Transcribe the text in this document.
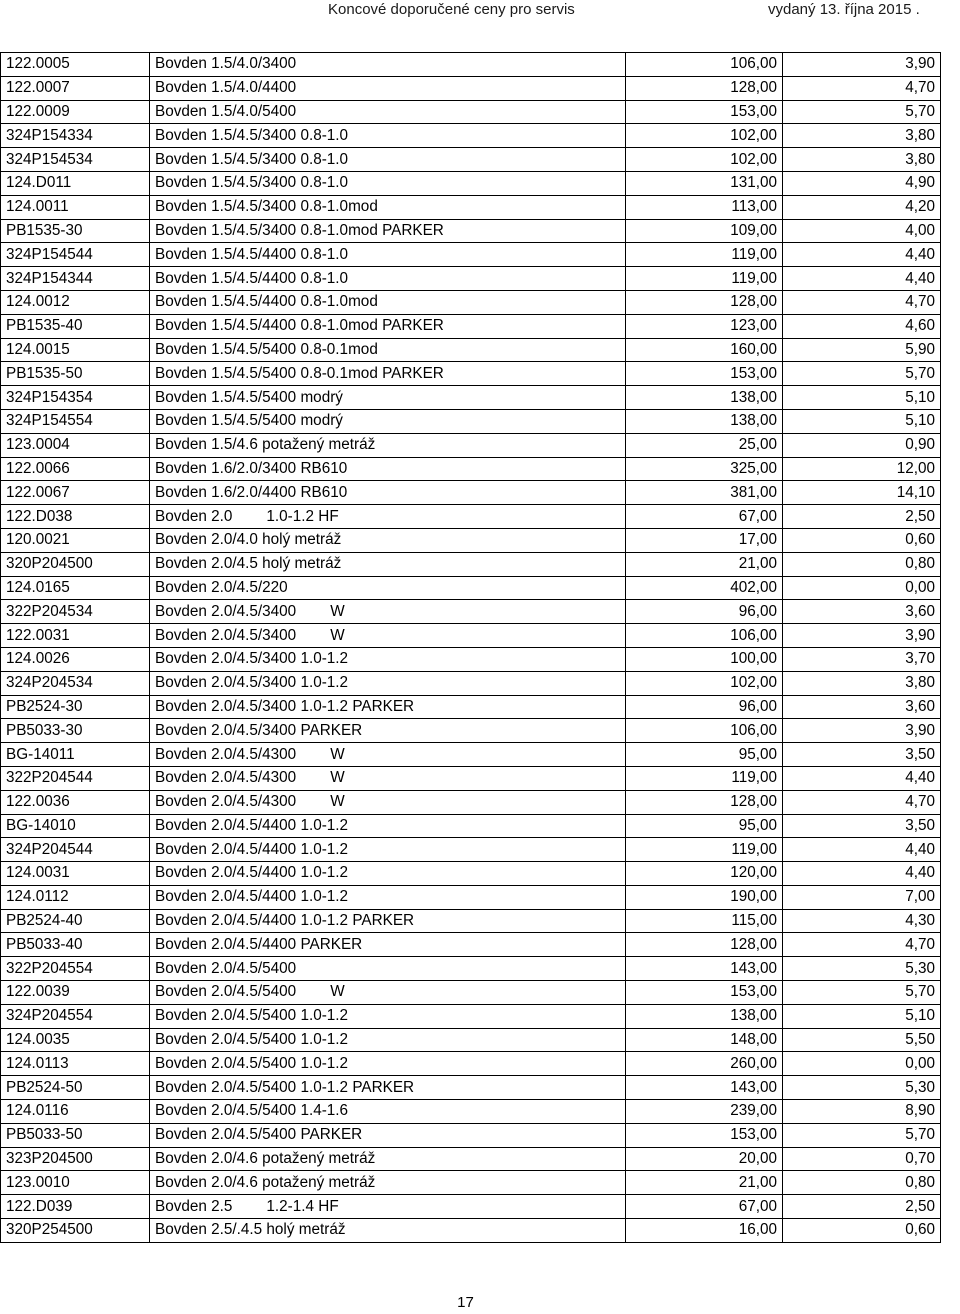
Koncové doporučené ceny pro servis	vydaný 13. října 2015 .
122.0005	Bovden 1.5/4.0/3400	106,00	3,90
122.0007	Bovden 1.5/4.0/4400	128,00	4,70
122.0009	Bovden 1.5/4.0/5400	153,00	5,70
324P154334	Bovden 1.5/4.5/3400 0.8-1.0	102,00	3,80
324P154534	Bovden 1.5/4.5/3400 0.8-1.0	102,00	3,80
124.D011	Bovden 1.5/4.5/3400 0.8-1.0	131,00	4,90
124.0011	Bovden 1.5/4.5/3400 0.8-1.0mod	113,00	4,20
PB1535-30	Bovden 1.5/4.5/3400 0.8-1.0mod PARKER	109,00	4,00
324P154544	Bovden 1.5/4.5/4400 0.8-1.0	119,00	4,40
324P154344	Bovden 1.5/4.5/4400 0.8-1.0	119,00	4,40
124.0012	Bovden 1.5/4.5/4400 0.8-1.0mod	128,00	4,70
PB1535-40	Bovden 1.5/4.5/4400 0.8-1.0mod PARKER	123,00	4,60
124.0015	Bovden 1.5/4.5/5400 0.8-0.1mod	160,00	5,90
PB1535-50	Bovden 1.5/4.5/5400 0.8-0.1mod PARKER	153,00	5,70
324P154354	Bovden 1.5/4.5/5400 modrý	138,00	5,10
324P154554	Bovden 1.5/4.5/5400 modrý	138,00	5,10
123.0004	Bovden 1.5/4.6 potažený metráž	25,00	0,90
122.0066	Bovden 1.6/2.0/3400 RB610	325,00	12,00
122.0067	Bovden 1.6/2.0/4400 RB610	381,00	14,10
122.D038	Bovden 2.0        1.0-1.2 HF	67,00	2,50
120.0021	Bovden 2.0/4.0 holý metráž	17,00	0,60
320P204500	Bovden 2.0/4.5 holý metráž	21,00	0,80
124.0165	Bovden 2.0/4.5/220	402,00	0,00
322P204534	Bovden 2.0/4.5/3400        W	96,00	3,60
122.0031	Bovden 2.0/4.5/3400        W	106,00	3,90
124.0026	Bovden 2.0/4.5/3400 1.0-1.2	100,00	3,70
324P204534	Bovden 2.0/4.5/3400 1.0-1.2	102,00	3,80
PB2524-30	Bovden 2.0/4.5/3400 1.0-1.2 PARKER	96,00	3,60
PB5033-30	Bovden 2.0/4.5/3400 PARKER	106,00	3,90
BG-14011	Bovden 2.0/4.5/4300        W	95,00	3,50
322P204544	Bovden 2.0/4.5/4300        W	119,00	4,40
122.0036	Bovden 2.0/4.5/4300        W	128,00	4,70
BG-14010	Bovden 2.0/4.5/4400 1.0-1.2	95,00	3,50
324P204544	Bovden 2.0/4.5/4400 1.0-1.2	119,00	4,40
124.0031	Bovden 2.0/4.5/4400 1.0-1.2	120,00	4,40
124.0112	Bovden 2.0/4.5/4400 1.0-1.2	190,00	7,00
PB2524-40	Bovden 2.0/4.5/4400 1.0-1.2 PARKER	115,00	4,30
PB5033-40	Bovden 2.0/4.5/4400 PARKER	128,00	4,70
322P204554	Bovden 2.0/4.5/5400	143,00	5,30
122.0039	Bovden 2.0/4.5/5400        W	153,00	5,70
324P204554	Bovden 2.0/4.5/5400 1.0-1.2	138,00	5,10
124.0035	Bovden 2.0/4.5/5400 1.0-1.2	148,00	5,50
124.0113	Bovden 2.0/4.5/5400 1.0-1.2	260,00	0,00
PB2524-50	Bovden 2.0/4.5/5400 1.0-1.2 PARKER	143,00	5,30
124.0116	Bovden 2.0/4.5/5400 1.4-1.6	239,00	8,90
PB5033-50	Bovden 2.0/4.5/5400 PARKER	153,00	5,70
323P204500	Bovden 2.0/4.6 potažený metráž	20,00	0,70
123.0010	Bovden 2.0/4.6 potažený metráž	21,00	0,80
122.D039	Bovden 2.5        1.2-1.4 HF	67,00	2,50
320P254500	Bovden 2.5/.4.5 holý metráž	16,00	0,60
17
